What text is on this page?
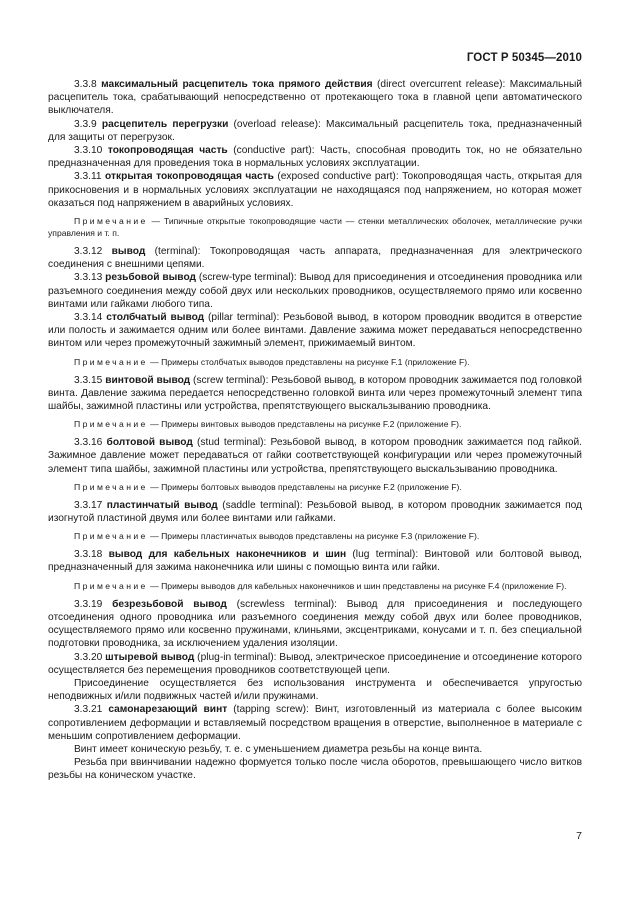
ГОСТ Р 50345—2010

3.3.8 максимальный расцепитель тока прямого действия (direct overcurrent release): Максимальный расцепитель тока, срабатывающий непосредственно от протекающего тока в главной цепи автоматического выключателя.

3.3.9 расцепитель перегрузки (overload release): Максимальный расцепитель тока, предназначенный для защиты от перегрузок.

3.3.10 токопроводящая часть (conductive part): Часть, способная проводить ток, но не обязательно предназначенная для проведения тока в нормальных условиях эксплуатации.

3.3.11 открытая токопроводящая часть (exposed conductive part): Токопроводящая часть, открытая для прикосновения и в нормальных условиях эксплуатации не находящаяся под напряжением, но которая может оказаться под напряжением в аварийных условиях.

Примечание — Типичные открытые токопроводящие части — стенки металлических оболочек, металлические ручки управления и т. п.

3.3.12 вывод (terminal): Токопроводящая часть аппарата, предназначенная для электрического соединения с внешними цепями.

3.3.13 резьбовой вывод (screw-type terminal): Вывод для присоединения и отсоединения проводника или разъемного соединения между собой двух или нескольких проводников, осуществляемого прямо или косвенно винтами или гайками любого типа.

3.3.14 столбчатый вывод (pillar terminal): Резьбовой вывод, в котором проводник вводится в отверстие или полость и зажимается одним или более винтами. Давление зажима может передаваться непосредственно винтом или через промежуточный зажимный элемент, прижимаемый винтом.

Примечание — Примеры столбчатых выводов представлены на рисунке F.1 (приложение F).

3.3.15 винтовой вывод (screw terminal): Резьбовой вывод, в котором проводник зажимается под головкой винта. Давление зажима передается непосредственно головкой винта или через промежуточный элемент типа шайбы, зажимной пластины или устройства, препятствующего выскальзыванию проводника.

Примечание — Примеры винтовых выводов представлены на рисунке F.2 (приложение F).

3.3.16 болтовой вывод (stud terminal): Резьбовой вывод, в котором проводник зажимается под гайкой. Зажимное давление может передаваться от гайки соответствующей конфигурации или через промежуточный элемент типа шайбы, зажимной пластины или устройства, препятствующего выскальзыванию проводника.

Примечание — Примеры болтовых выводов представлены на рисунке F.2 (приложение F).

3.3.17 пластинчатый вывод (saddle terminal): Резьбовой вывод, в котором проводник зажимается под изогнутой пластиной двумя или более винтами или гайками.

Примечание — Примеры пластинчатых выводов представлены на рисунке F.3 (приложение F).

3.3.18 вывод для кабельных наконечников и шин (lug terminal): Винтовой или болтовой вывод, предназначенный для зажима наконечника или шины с помощью винта или гайки.

Примечание — Примеры выводов для кабельных наконечников и шин представлены на рисунке F.4 (приложение F).

3.3.19 безрезьбовой вывод (screwless terminal): Вывод для присоединения и последующего отсоединения одного проводника или разъемного соединения между собой двух или более проводников, осуществляемого прямо или косвенно пружинами, клиньями, эксцентриками, конусами и т. п. без специальной подготовки проводника, за исключением удаления изоляции.

3.3.20 штыревой вывод (plug-in terminal): Вывод, электрическое присоединение и отсоединение которого осуществляется без перемещения проводников соответствующей цепи.

Присоединение осуществляется без использования инструмента и обеспечивается упругостью неподвижных и/или подвижных частей и/или пружинами.

3.3.21 самонарезающий винт (tapping screw): Винт, изготовленный из материала с более высоким сопротивлением деформации и вставляемый посредством вращения в отверстие, выполненное в материале с меньшим сопротивлением деформации.

Винт имеет коническую резьбу, т. е. с уменьшением диаметра резьбы на конце винта.

Резьба при ввинчивании надежно формуется только после числа оборотов, превышающего число витков резьбы на коническом участке.

7
